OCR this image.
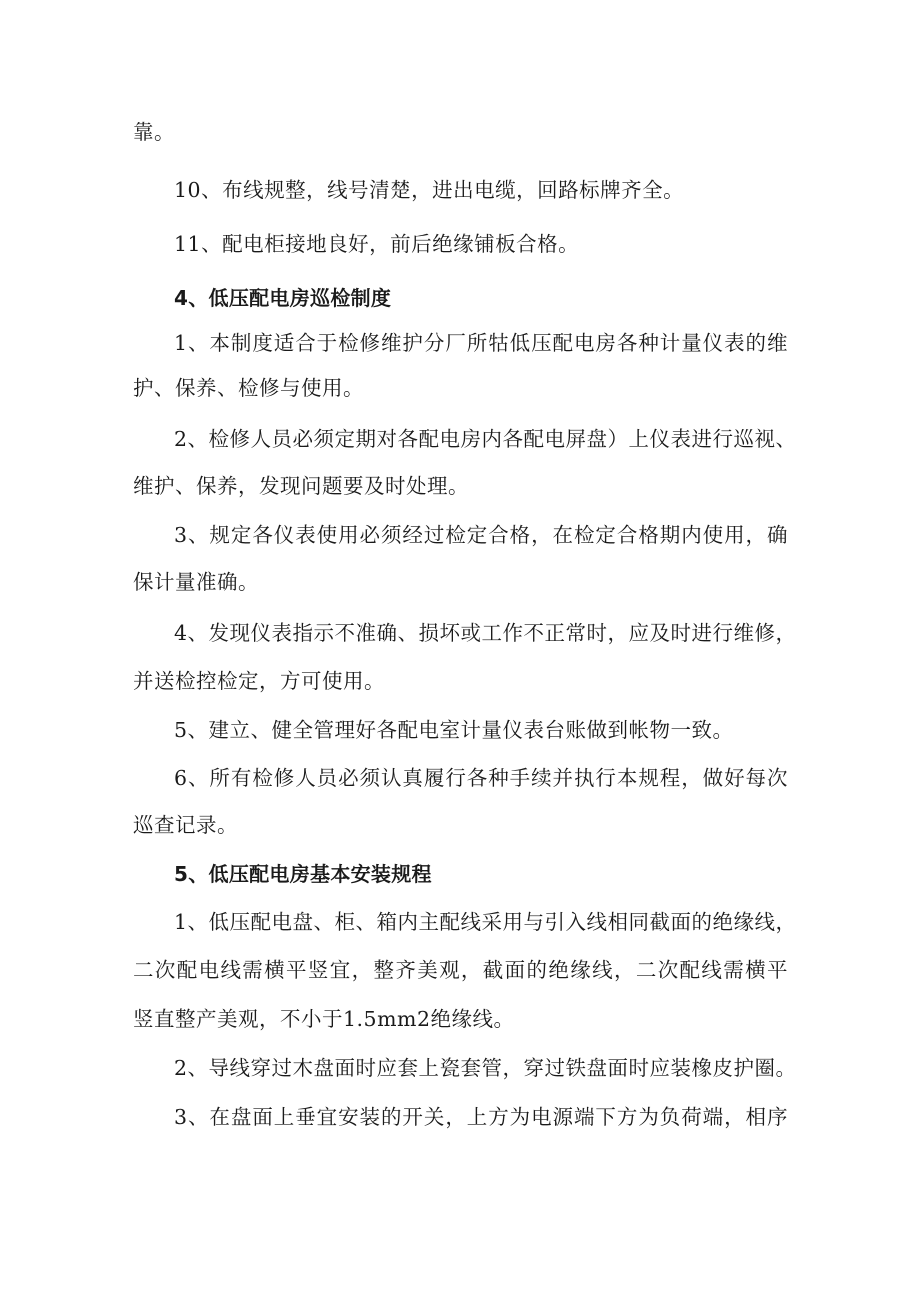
靠。
10、布线规整，线号清楚，进出电缆，回路标牌齐全。
11、配电柜接地良好，前后绝缘铺板合格。
4、低压配电房巡检制度
1、本制度适合于检修维护分厂所牯低压配电房各种计量仪表的维
护、保养、检修与使用。
2、检修人员必须定期对各配电房内各配电屏盘）上仪表进行巡视、
维护、保养，发现问题要及时处理。
3、规定各仪表使用必须经过检定合格，在检定合格期内使用，确
保计量准确。
4、发现仪表指示不准确、损坏或工作不正常时，应及时进行维修，
并送检控检定，方可使用。
5、建立、健全管理好各配电室计量仪表台账做到帐物一致。
6、所有检修人员必须认真履行各种手续并执行本规程，做好每次
巡查记录。
5、低压配电房基本安装规程
1、低压配电盘、柜、箱内主配线采用与引入线相同截面的绝缘线，
二次配电线需横平竖宜，整齐美观，截面的绝缘线，二次配线需横平
竖直整产美观，不小于1.5mm2绝缘线。
2、导线穿过木盘面时应套上瓷套管，穿过铁盘面时应装橡皮护圈。
3、在盘面上垂宜安装的开关，上方为电源端下方为负荷端，相序
